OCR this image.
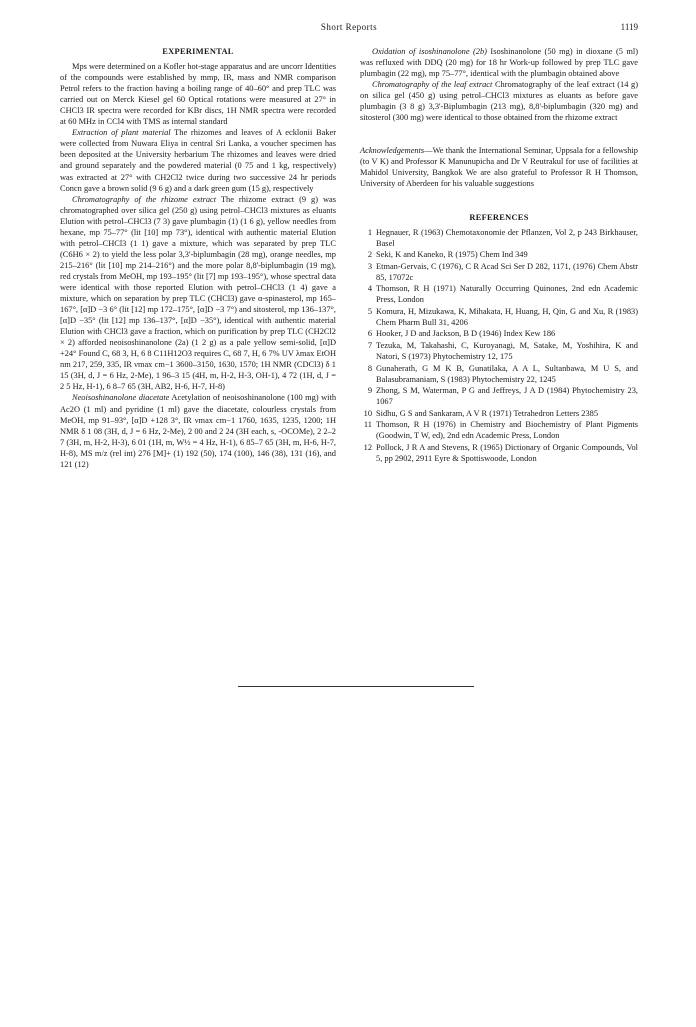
Short Reports	1119
EXPERIMENTAL

Mps were determined on a Kofler hot-stage apparatus and are uncorr Identities of the compounds were established by mmp, IR, mass and NMR comparison Petrol refers to the fraction having a boiling range of 40–60° and prep TLC was carried out on Merck Kiesel gel 60 Optical rotations were measured at 27° in CHCl3 IR spectra were recorded for KBr discs, 1H NMR spectra were recorded at 60 MHz in CCl4 with TMS as internal standard

Extraction of plant material The rhizomes and leaves of A ecklonii Baker were collected from Nuwara Eliya in central Sri Lanka, a voucher specimen has been deposited at the University herbarium The rhizomes and leaves were dried and ground separately and the powdered material (0 75 and 1 kg, respectively) was extracted at 27° with CH2Cl2 twice during two successive 24 hr periods Concn gave a brown solid (9 6 g) and a dark green gum (15 g), respectively

Chromatography of the rhizome extract The rhizome extract (9 g) was chromatographed over silica gel (250 g) using petrol–CHCl3 mixtures as eluants Elution with petrol–CHCl3 (7 3) gave plumbagin (1) (1 6 g), yellow needles from hexane, mp 75–77° (lit [10] mp 73°), identical with authentic material Elution with petrol–CHCl3 (1 1) gave a mixture, which was separated by prep TLC (C6H6 × 2) to yield the less polar 3,3'-biplumbagin (28 mg), orange needles, mp 215–216° (lit [10] mp 214–216°) and the more polar 8,8'-biplumbagin (19 mg), red crystals from MeOH, mp 193–195° (lit [7] mp 193–195°), whose spectral data were identical with those reported Elution with petrol–CHCl3 (1 4) gave a mixture, which on separation by prep TLC (CHCl3) gave α-spinasterol, mp 165–167°, [α]D −3 6° (lit [12] mp 172–175°, [α]D −3 7°) and sitosterol, mp 136–137°, [α]D −35° (lit [12] mp 136–137°, [α]D −35°), identical with authentic material Elution with CHCl3 gave a fraction, which on purification by prep TLC (CH2Cl2 × 2) afforded neoisoshinanolone (2a) (1 2 g) as a pale yellow semi-solid, [α]D +24° Found C, 68 3, H, 6 8 C11H12O3 requires C, 68 7, H, 6 7% UV λmax EtOH nm 217, 259, 335, IR νmax cm−1 3600–3150, 1630, 1570; 1H NMR (CDCl3) δ 1 15 (3H, d, J = 6 Hz, 2-Me), 1 96–3 15 (4H, m, H-2, H-3, OH-1), 4 72 (1H, d, J = 2 5 Hz, H-1), 6 8–7 65 (3H, AB2, H-6, H-7, H-8)

Neoisoshinanolone diacetate Acetylation of neoisoshinanolone (100 mg) with Ac2O (1 ml) and pyridine (1 ml) gave the diacetate, colourless crystals from MeOH, mp 91–93°, [α]D +128 3°, IR νmax cm−1 1760, 1635, 1235, 1200; 1H NMR δ 1 08 (3H, d, J = 6 Hz, 2-Me), 2 00 and 2 24 (3H each, s, -OCOMe), 2 2–2 7 (3H, m, H-2, H-3), 6 01 (1H, m, W½ = 4 Hz, H-1), 6 85–7 65 (3H, m, H-6, H-7, H-8), MS m/z (rel int) 276 [M]+ (1) 192 (50), 174 (100), 146 (38), 131 (16), and 121 (12)

Oxidation of isoshinanolone (2b) Isoshinanolone (50 mg) in dioxane (5 ml) was refluxed with DDQ (20 mg) for 18 hr Work-up followed by prep TLC gave plumbagin (22 mg), mp 75–77°, identical with the plumbagin obtained above

Chromatography of the leaf extract Chromatography of the leaf extract (14 g) on silica gel (450 g) using petrol–CHCl3 mixtures as eluants as before gave plumbagin (3 8 g) 3,3'-Biplumbagin (213 mg), 8,8'-biplumbagin (320 mg) and sitosterol (300 mg) were identical to those obtained from the rhizome extract

Acknowledgements—We thank the International Seminar, Uppsala for a fellowship (to V K) and Professor K Manunupicha and Dr V Reutrakul for use of facilities at Mahidol University, Bangkok We are also grateful to Professor R H Thomson, University of Aberdeen for his valuable suggestions

REFERENCES
1 Hegnauer, R (1963) Chemotaxonomie der Pflanzen, Vol 2, p 243 Birkhauser, Basel
2 Seki, K and Kaneko, R (1975) Chem Ind 349
3 Etman-Gervais, C (1976), C R Acad Sci Ser D 282, 1171, (1976) Chem Abstr 85, 17072c
4 Thomson, R H (1971) Naturally Occurring Quinones, 2nd edn Academic Press, London
5 Komura, H, Mizukawa, K, Mihakata, H, Huang, H, Qin, G and Xu, R (1983) Chem Pharm Bull 31, 4206
6 Hooker, J D and Jackson, B D (1946) Index Kew 186
7 Tezuka, M, Takahashi, C, Kuroyanagi, M, Satake, M, Yoshihira, K and Natori, S (1973) Phytochemistry 12, 175
8 Gunaherath, G M K B, Gunatilaka, A A L, Sultanbawa, M U S, and Balasubramaniam, S (1983) Phytochemistry 22, 1245
9 Zhong, S M, Waterman, P G and Jeffreys, J A D (1984) Phytochemistry 23, 1067
10 Sidhu, G S and Sankaram, A V R (1971) Tetrahedron Letters 2385
11 Thomson, R H (1976) in Chemistry and Biochemistry of Plant Pigments (Goodwin, T W, ed), 2nd edn Academic Press, London
12 Pollock, J R A and Stevens, R (1965) Dictionary of Organic Compounds, Vol 5, pp 2902, 2911 Eyre & Spottiswoode, London
